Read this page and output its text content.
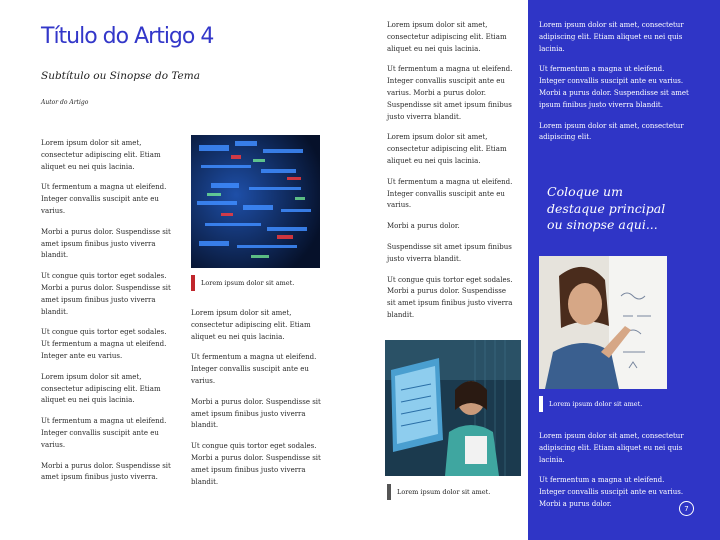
Título do Artigo 4
Subtítulo ou Sinopse do Tema
Autor do Artigo

Lorem ipsum dolor sit amet, consectetur adipiscing elit. Etiam aliquet eu nei quis lacinia.

Ut fermentum a magna ut eleifend. Integer convallis suscipit ante eu varius.

Morbi a purus dolor. Suspendisse sit amet ipsum finibus justo viverra blandit.

Ut congue quis tortor eget sodales. Morbi a purus dolor. Suspendisse sit amet ipsum finibus justo viverra blandit.

Ut congue quis tortor eget sodales. Ut fermentum a magna ut eleifend. Integer ante eu varius.

Lorem ipsum dolor sit amet, consectetur adipiscing elit. Etiam aliquet eu nei quis lacinia.

Ut fermentum a magna ut eleifend. Integer convallis suscipit ante eu varius.

Morbi a purus dolor. Suspendisse sit amet ipsum finibus justo viverra.

Lorem ipsum dolor sit amet.

Lorem ipsum dolor sit amet, consectetur adipiscing elit. Etiam aliquet eu nei quis lacinia.

Ut fermentum a magna ut eleifend. Integer convallis suscipit ante eu varius.

Morbi a purus dolor. Suspendisse sit amet ipsum finibus justo viverra blandit.

Ut congue quis tortor eget sodales. Morbi a purus dolor. Suspendisse sit amet ipsum finibus justo viverra blandit.

Lorem ipsum dolor sit amet, consectetur adipiscing elit. Etiam aliquet eu nei quis lacinia.

Ut fermentum a magna ut eleifend. Integer convallis suscipit ante eu varius. Morbi a purus dolor. Suspendisse sit amet ipsum finibus justo viverra blandit.

Lorem ipsum dolor sit amet, consectetur adipiscing elit. Etiam aliquet eu nei quis lacinia.

Ut fermentum a magna ut eleifend. Integer convallis suscipit ante eu varius.

Morbi a purus dolor.

Suspendisse sit amet ipsum finibus justo viverra blandit.

Ut congue quis tortor eget sodales. Morbi a purus dolor. Suspendisse sit amet ipsum finibus justo viverra blandit.

Lorem ipsum dolor sit amet.

Lorem ipsum dolor sit amet, consectetur adipiscing elit. Etiam aliquet eu nei quis lacinia.

Ut fermentum a magna ut eleifend. Integer convallis suscipit ante eu varius. Morbi a purus dolor. Suspendisse sit amet ipsum finibus justo viverra blandit.

Lorem ipsum dolor sit amet, consectetur adipiscing elit.

Coloque um destaque principal ou sinopse aqui...
Lorem ipsum dolor sit amet.

Lorem ipsum dolor sit amet, consectetur adipiscing elit. Etiam aliquet eu nei quis lacinia.

Ut fermentum a magna ut eleifend. Integer convallis suscipit ante eu varius. Morbi a purus dolor.

7
